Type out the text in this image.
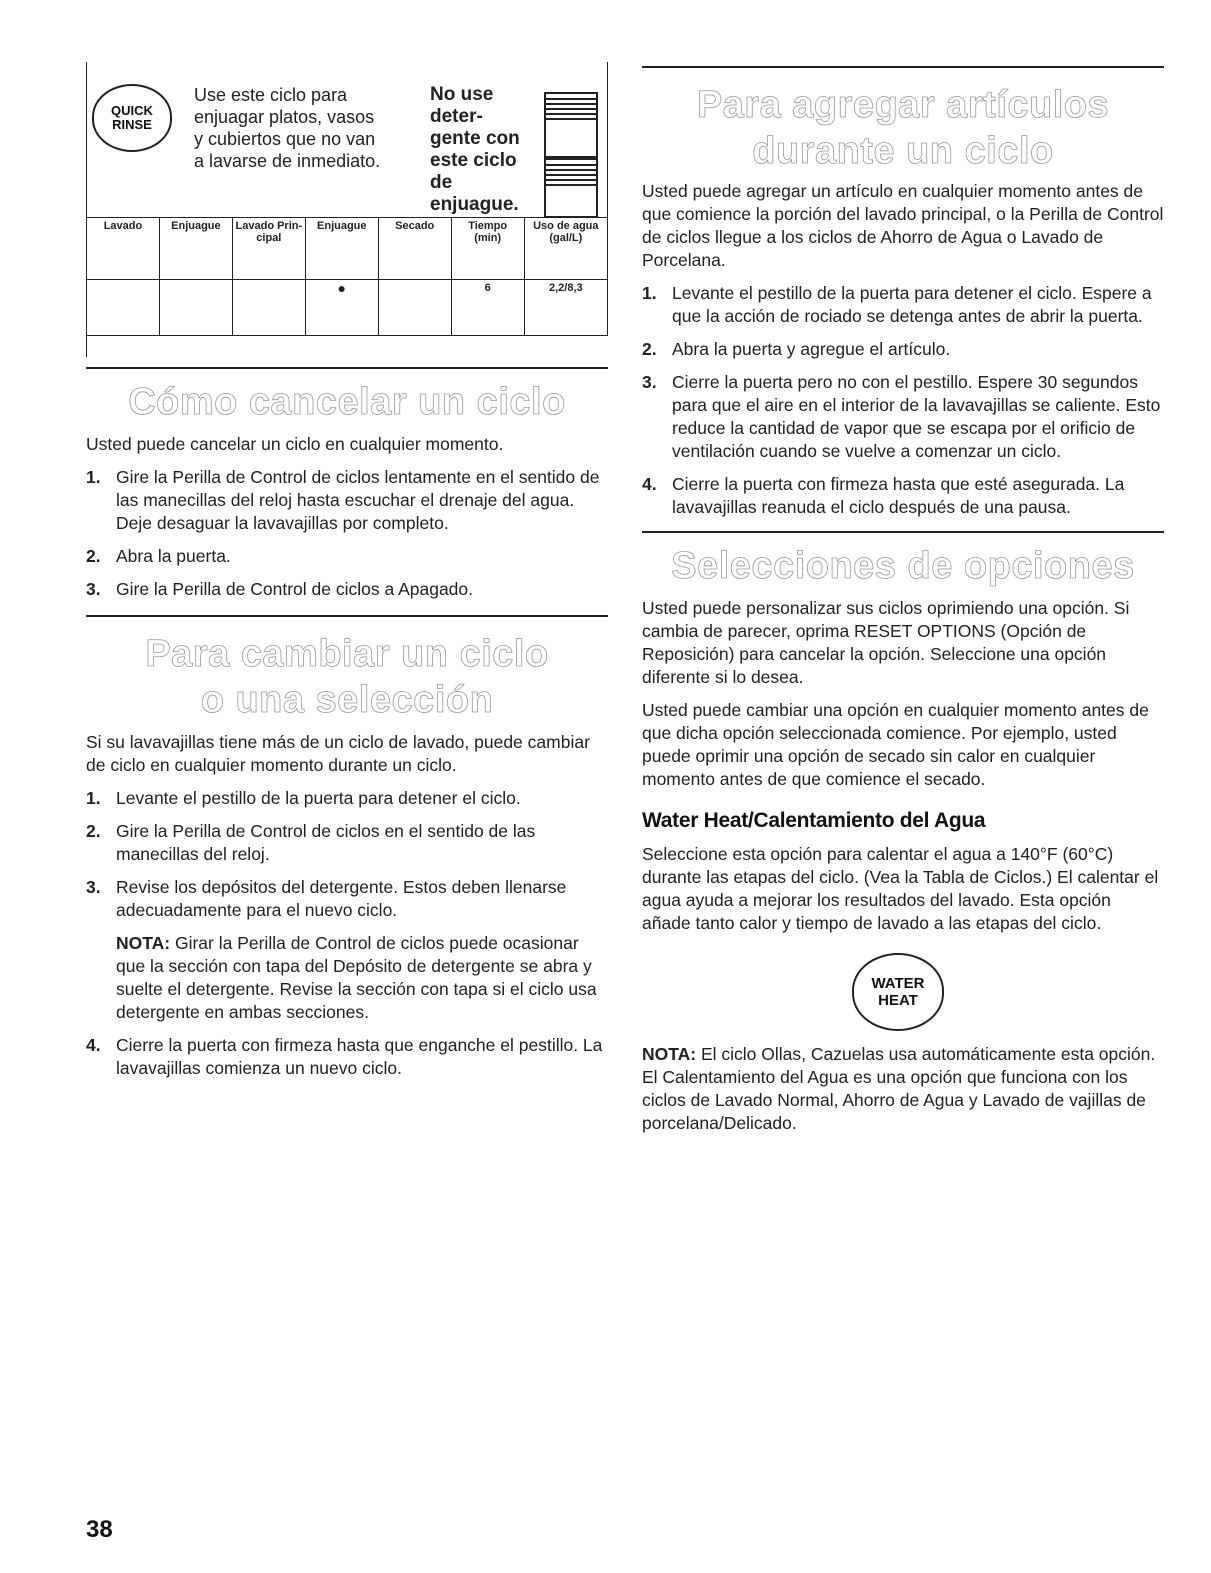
QUICK
RINSE
Use este ciclo para
enjuagar platos, vasos
y cubiertos que no van
a lavarse de inmediato.
No use
deter-
gente con
este ciclo
de
enjuague.
Lavado	Enjuague	Lavado Prin- cipal	Enjuague	Secado	Tiempo (min)	Uso de agua (gal/L)
			●		6	2,2/8,3
Cómo cancelar un ciclo

Usted puede cancelar un ciclo en cualquier momento.

1. Gire la Perilla de Control de ciclos lentamente en el sentido de las manecillas del reloj hasta escuchar el drenaje del agua. Deje desaguar la lavavajillas por completo.
2. Abra la puerta.
3. Gire la Perilla de Control de ciclos a Apagado.
Para cambiar un ciclo
o una selección

Si su lavavajillas tiene más de un ciclo de lavado, puede cambiar de ciclo en cualquier momento durante un ciclo.

1. Levante el pestillo de la puerta para detener el ciclo.
2. Gire la Perilla de Control de ciclos en el sentido de las manecillas del reloj.
3. Revise los depósitos del detergente. Estos deben llenarse adecuadamente para el nuevo ciclo.
NOTA: Girar la Perilla de Control de ciclos puede ocasionar que la sección con tapa del Depósito de detergente se abra y suelte el detergente. Revise la sección con tapa si el ciclo usa detergente en ambas secciones.
4. Cierre la puerta con firmeza hasta que enganche el pestillo. La lavavajillas comienza un nuevo ciclo.
Para agregar artículos
durante un ciclo

Usted puede agregar un artículo en cualquier momento antes de que comience la porción del lavado principal, o la Perilla de Control de ciclos llegue a los ciclos de Ahorro de Agua o Lavado de Porcelana.

1. Levante el pestillo de la puerta para detener el ciclo. Espere a que la acción de rociado se detenga antes de abrir la puerta.
2. Abra la puerta y agregue el artículo.
3. Cierre la puerta pero no con el pestillo. Espere 30 segundos para que el aire en el interior de la lavavajillas se caliente. Esto reduce la cantidad de vapor que se escapa por el orificio de ventilación cuando se vuelve a comenzar un ciclo.
4. Cierre la puerta con firmeza hasta que esté asegurada. La lavavajillas reanuda el ciclo después de una pausa.
Selecciones de opciones

Usted puede personalizar sus ciclos oprimiendo una opción. Si cambia de parecer, oprima RESET OPTIONS (Opción de Reposición) para cancelar la opción. Seleccione una opción diferente si lo desea.

Usted puede cambiar una opción en cualquier momento antes de que dicha opción seleccionada comience. Por ejemplo, usted puede oprimir una opción de secado sin calor en cualquier momento antes de que comience el secado.

Water Heat/Calentamiento del Agua

Seleccione esta opción para calentar el agua a 140°F (60°C) durante las etapas del ciclo. (Vea la Tabla de Ciclos.) El calentar el agua ayuda a mejorar los resultados del lavado. Esta opción añade tanto calor y tiempo de lavado a las etapas del ciclo.

WATER
HEAT

NOTA: El ciclo Ollas, Cazuelas usa automáticamente esta opción. El Calentamiento del Agua es una opción que funciona con los ciclos de Lavado Normal, Ahorro de Agua y Lavado de vajillas de porcelana/Delicado.

38
